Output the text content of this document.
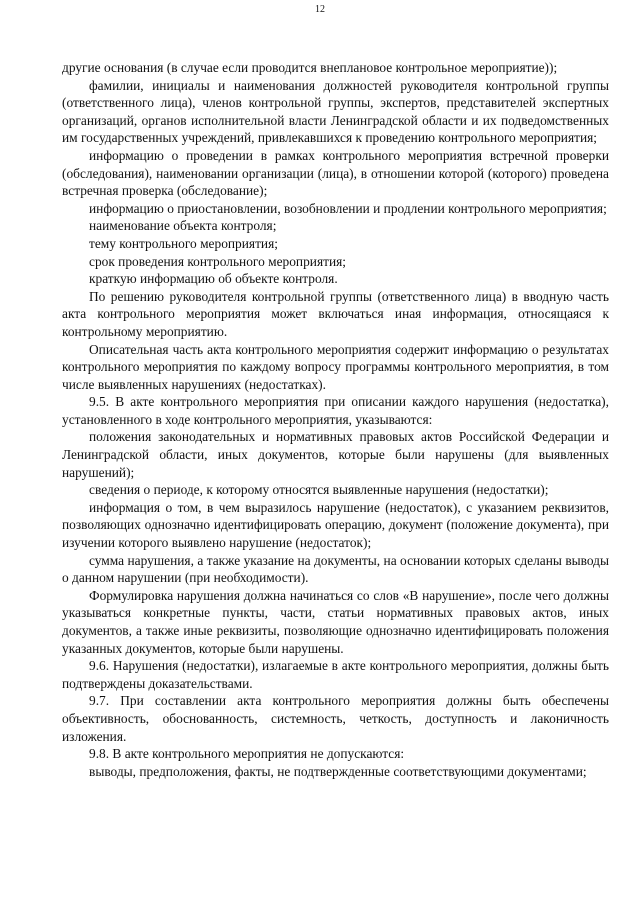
12

другие основания (в случае если проводится внеплановое контрольное мероприятие));

фамилии, инициалы и наименования должностей руководителя контрольной группы (ответственного лица), членов контрольной группы, экспертов, представителей экспертных организаций, органов исполнительной власти Ленинградской области и их подведомственных им государственных учреждений, привлекавшихся к проведению контрольного мероприятия;

информацию о проведении в рамках контрольного мероприятия встречной проверки (обследования), наименовании организации (лица), в отношении которой (которого) проведена встречная проверка (обследование);

информацию о приостановлении, возобновлении и продлении контрольного мероприятия;

наименование объекта контроля;

тему контрольного мероприятия;

срок проведения контрольного мероприятия;

краткую информацию об объекте контроля.

По решению руководителя контрольной группы (ответственного лица) в вводную часть акта контрольного мероприятия может включаться иная информация, относящаяся к контрольному мероприятию.

Описательная часть акта контрольного мероприятия содержит информацию о результатах контрольного мероприятия по каждому вопросу программы контрольного мероприятия, в том числе выявленных нарушениях (недостатках).

9.5. В акте контрольного мероприятия при описании каждого нарушения (недостатка), установленного в ходе контрольного мероприятия, указываются:

положения законодательных и нормативных правовых актов Российской Федерации и Ленинградской области, иных документов, которые были нарушены (для выявленных нарушений);

сведения о периоде, к которому относятся выявленные нарушения (недостатки);

информация о том, в чем выразилось нарушение (недостаток), с указанием реквизитов, позволяющих однозначно идентифицировать операцию, документ (положение документа), при изучении которого выявлено нарушение (недостаток);

сумма нарушения, а также указание на документы, на основании которых сделаны выводы о данном нарушении (при необходимости).

Формулировка нарушения должна начинаться со слов «В нарушение», после чего должны указываться конкретные пункты, части, статьи нормативных правовых актов, иных документов, а также иные реквизиты, позволяющие однозначно идентифицировать положения указанных документов, которые были нарушены.

9.6. Нарушения (недостатки), излагаемые в акте контрольного мероприятия, должны быть подтверждены доказательствами.

9.7. При составлении акта контрольного мероприятия должны быть обеспечены объективность, обоснованность, системность, четкость, доступность и лаконичность изложения.

9.8. В акте контрольного мероприятия не допускаются:

выводы, предположения, факты, не подтвержденные соответствующими документами;
